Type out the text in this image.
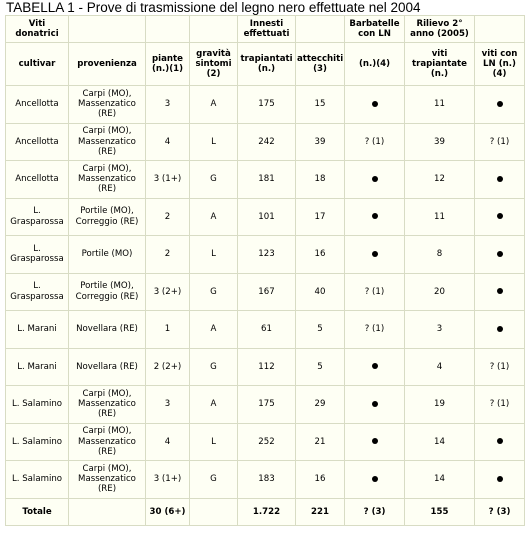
TABELLA 1 - Prove di trasmissione del legno nero effettuate nel 2004
Viti donatrici				Innesti effettuati		Barbatelle con LN	Rilievo 2° anno (2005)	
cultivar	provenienza	piante (n.)(1)	gravità sintomi (2)	trapiantati (n.)	attecchiti (3)	(n.)(4)	viti trapiantate (n.)	viti con LN (n.) (4)
Ancellotta	Carpi (MO), Massenzatico (RE)	3	A	175	15		11	
Ancellotta	Carpi (MO), Massenzatico (RE)	4	L	242	39	? (1)	39	? (1)
Ancellotta	Carpi (MO), Massenzatico (RE)	3 (1+)	G	181	18		12	
L. Grasparossa	Portile (MO), Correggio (RE)	2	A	101	17		11	
L. Grasparossa	Portile (MO)	2	L	123	16		8	
L. Grasparossa	Portile (MO), Correggio (RE)	3 (2+)	G	167	40	? (1)	20	
L. Marani	Novellara (RE)	1	A	61	5	? (1)	3	
L. Marani	Novellara (RE)	2 (2+)	G	112	5		4	? (1)
L. Salamino	Carpi (MO), Massenzatico (RE)	3	A	175	29		19	? (1)
L. Salamino	Carpi (MO), Massenzatico (RE)	4	L	252	21		14	
L. Salamino	Carpi (MO), Massenzatico (RE)	3 (1+)	G	183	16		14	
Totale		30 (6+)		1.722	221	? (3)	155	? (3)
